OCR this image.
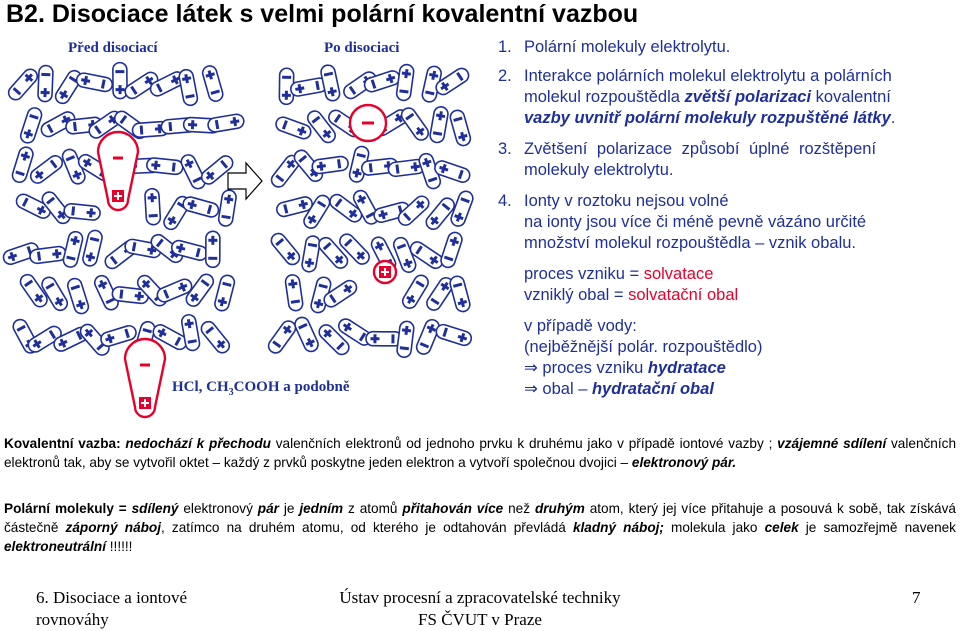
B2. Disociace látek s velmi polární kovalentní vazbou
Před disociací	Po disociaci
HCl, $CH_3COOH$ a podobně

1. Polární molekuly elektrolytu.

2. Interakce polárních molekul elektrolytu a polárních

molekul rozpouštědla zvětší polarizaci kovalentní

vazby uvnitř polární molekuly rozpuštěné látky.

3. Zvětšení polarizace způsobí úplné rozštěpení

molekuly elektrolytu.

4. Ionty v roztoku nejsou volné

na ionty jsou více či méně pevně vázáno určité

množství molekul rozpouštědla – vznik obalu.

proces vzniku = solvatace

vzniklý obal = solvatační obal

v případě vody:

(nejběžnější polár. rozpouštědlo)

⇒ proces vzniku hydratace

⇒ obal – hydratační obal

Kovalentní vazba: nedochází k přechodu valenčních elektronů od jednoho prvku k druhému jako v případě iontové vazby ; vzájemné sdílení valenčních elektronů tak, aby se vytvořil oktet – každý z prvků poskytne jeden elektron a vytvoří společnou dvojici – elektronový pár.
Polární molekuly = sdílený elektronový pár je jedním z atomů přitahován více než druhým atom, který jej více přitahuje a posouvá k sobě, tak získává částečně záporný náboj, zatímco na druhém atomu, od kterého je odtahován převládá kladný náboj; molekula jako celek je samozřejmě navenek elektroneutrální !!!!!!
6. Disociace a iontové
rovnováhy
Ústav procesní a zpracovatelské techniky
FS ČVUT v Praze
7
